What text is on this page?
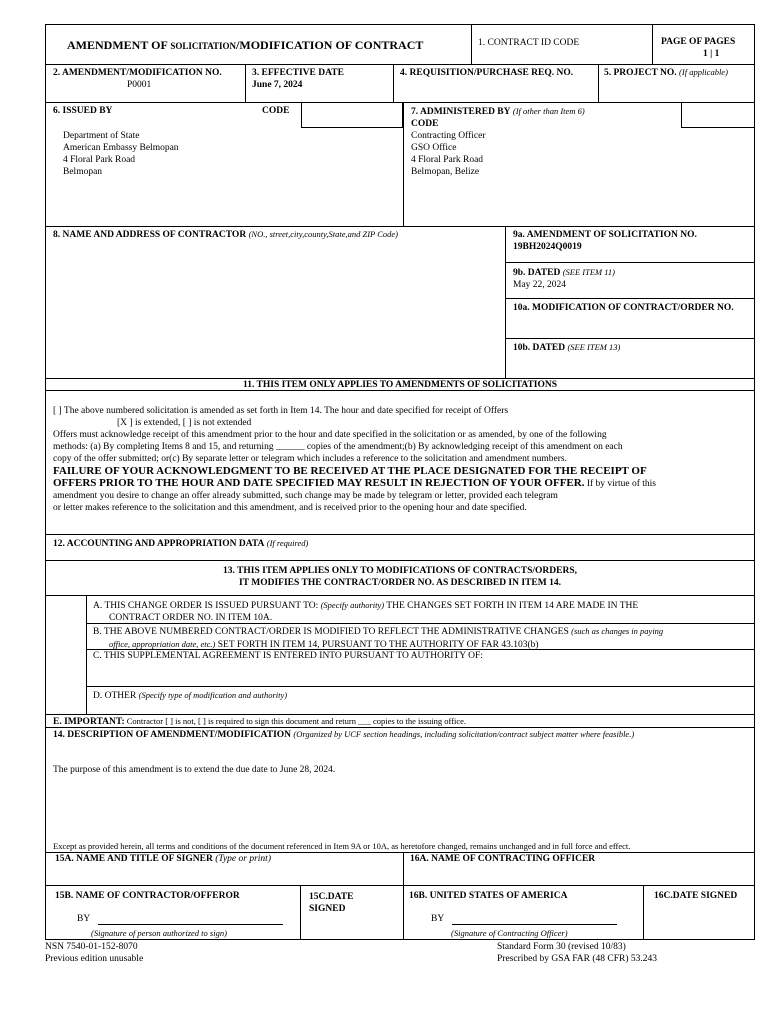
AMENDMENT OF SOLICITATION/MODIFICATION OF CONTRACT	1. CONTRACT ID CODE	PAGE OF PAGES
1 | 1
2. AMENDMENT/MODIFICATION NO.
P0001
3. EFFECTIVE DATE
June 7, 2024
4. REQUISITION/PURCHASE REQ. NO.	5. PROJECT NO. (If applicable)
6. ISSUED BY	CODE
Department of State
American Embassy Belmopan
4 Floral Park Road
Belmopan
7. ADMINISTERED BY (If other than Item 6)
CODE
Contracting Officer
GSO Office
4 Floral Park Road
Belmopan, Belize
8. NAME AND ADDRESS OF CONTRACTOR (NO., street,city,county,State,and ZIP Code)	9a. AMENDMENT OF SOLICITATION NO.
19BH2024Q0019
9b. DATED (SEE ITEM 11)
May 22, 2024
10a. MODIFICATION OF CONTRACT/ORDER NO.
10b. DATED (SEE ITEM 13)
11. THIS ITEM ONLY APPLIES TO AMENDMENTS OF SOLICITATIONS
[ ] The above numbered solicitation is amended as set forth in Item 14. The hour and date specified for receipt of Offers
[X ] is extended, [ ] is not extended
Offers must acknowledge receipt of this amendment prior to the hour and date specified in the solicitation or as amended, by one of the following
methods: (a) By completing Items 8 and 15, and returning ______ copies of the amendment;(b) By acknowledging receipt of this amendment on each
copy of the offer submitted; or(c) By separate letter or telegram which includes a reference to the solicitation and amendment numbers.
FAILURE OF YOUR ACKNOWLEDGMENT TO BE RECEIVED AT THE PLACE DESIGNATED FOR THE RECEIPT OF
OFFERS PRIOR TO THE HOUR AND DATE SPECIFIED MAY RESULT IN REJECTION OF YOUR OFFER. If by virtue of this
amendment you desire to change an offer already submitted, such change may be made by telegram or letter, provided each telegram
or letter makes reference to the solicitation and this amendment, and is received prior to the opening hour and date specified.
12. ACCOUNTING AND APPROPRIATION DATA (If required)
13. THIS ITEM APPLIES ONLY TO MODIFICATIONS OF CONTRACTS/ORDERS,
IT MODIFIES THE CONTRACT/ORDER NO. AS DESCRIBED IN ITEM 14.
A. THIS CHANGE ORDER IS ISSUED PURSUANT TO: (Specify authority) THE CHANGES SET FORTH IN ITEM 14 ARE MADE IN THE
CONTRACT ORDER NO. IN ITEM 10A.
B. THE ABOVE NUMBERED CONTRACT/ORDER IS MODIFIED TO REFLECT THE ADMINISTRATIVE CHANGES (such as changes in paying
office, appropriation date, etc.) SET FORTH IN ITEM 14, PURSUANT TO THE AUTHORITY OF FAR 43.103(b)
C. THIS SUPPLEMENTAL AGREEMENT IS ENTERED INTO PURSUANT TO AUTHORITY OF:
D. OTHER (Specify type of modification and authority)
E. IMPORTANT: Contractor [ ] is not, [ ] is required to sign this document and return ___ copies to the issuing office.
14. DESCRIPTION OF AMENDMENT/MODIFICATION (Organized by UCF section headings, including solicitation/contract subject matter where feasible.)
The purpose of this amendment is to extend the due date to June 28, 2024.
Except as provided herein, all terms and conditions of the document referenced in Item 9A or 10A, as heretofore changed, remains unchanged and in full force and effect.
15A. NAME AND TITLE OF SIGNER (Type or print)	16A. NAME OF CONTRACTING OFFICER
15B. NAME OF CONTRACTOR/OFFEROR
BY
(Signature of person authorized to sign)
15C.DATE
SIGNED
16B. UNITED STATES OF AMERICA
BY
(Signature of Contracting Officer)
16C.DATE SIGNED
NSN 7540-01-152-8070
Previous edition unusable
Standard Form 30 (revised 10/83)
Prescribed by GSA FAR (48 CFR) 53.243
